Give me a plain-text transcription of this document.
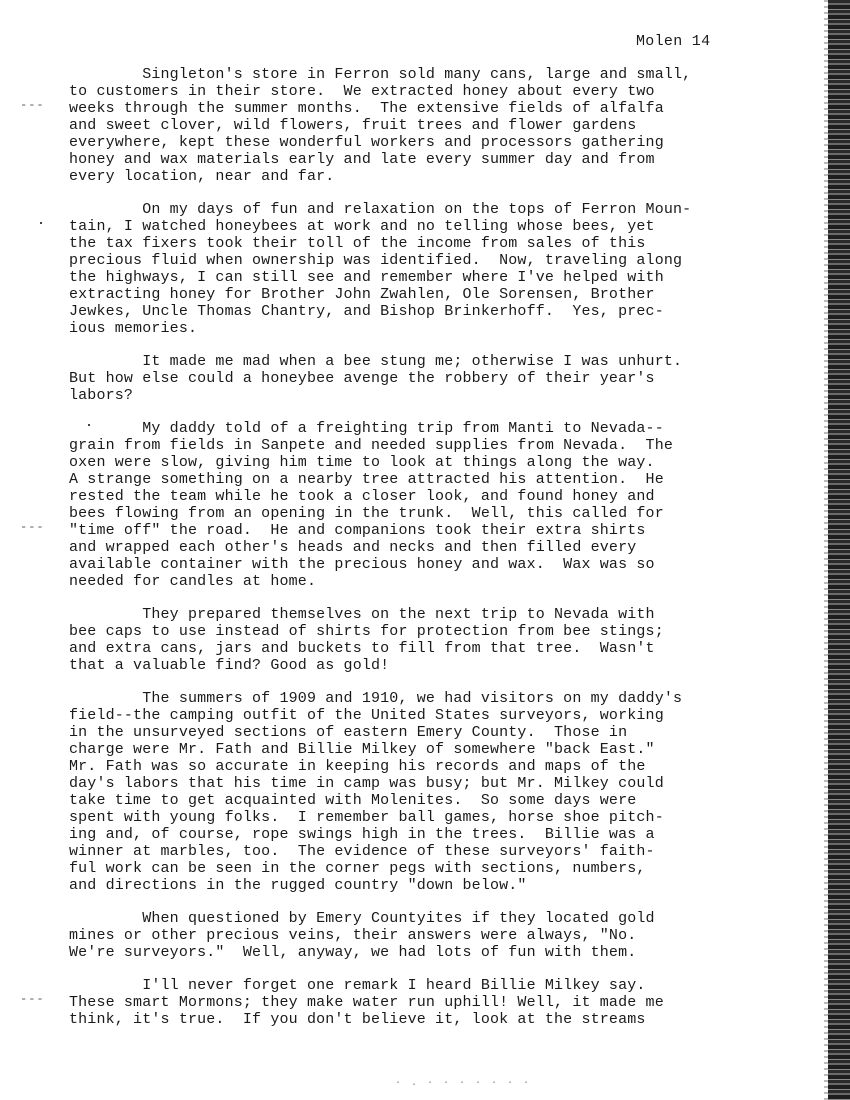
Molen 14
---
---
---
Singleton's store in Ferron sold many cans, large and small,
to customers in their store.  We extracted honey about every two
weeks through the summer months.  The extensive fields of alfalfa
and sweet clover, wild flowers, fruit trees and flower gardens
everywhere, kept these wonderful workers and processors gathering
honey and wax materials early and late every summer day and from
every location, near and far.
On my days of fun and relaxation on the tops of Ferron Moun-
tain, I watched honeybees at work and no telling whose bees, yet
the tax fixers took their toll of the income from sales of this
precious fluid when ownership was identified.  Now, traveling along
the highways, I can still see and remember where I've helped with
extracting honey for Brother John Zwahlen, Ole Sorensen, Brother
Jewkes, Uncle Thomas Chantry, and Bishop Brinkerhoff.  Yes, prec-
ious memories.
It made me mad when a bee stung me; otherwise I was unhurt.
But how else could a honeybee avenge the robbery of their year's
labors?
My daddy told of a freighting trip from Manti to Nevada--
grain from fields in Sanpete and needed supplies from Nevada.  The
oxen were slow, giving him time to look at things along the way.
A strange something on a nearby tree attracted his attention.  He
rested the team while he took a closer look, and found honey and
bees flowing from an opening in the trunk.  Well, this called for
"time off" the road.  He and companions took their extra shirts
and wrapped each other's heads and necks and then filled every
available container with the precious honey and wax.  Wax was so
needed for candles at home.
They prepared themselves on the next trip to Nevada with
bee caps to use instead of shirts for protection from bee stings;
and extra cans, jars and buckets to fill from that tree.  Wasn't
that a valuable find? Good as gold!
The summers of 1909 and 1910, we had visitors on my daddy's
field--the camping outfit of the United States surveyors, working
in the unsurveyed sections of eastern Emery County.  Those in
charge were Mr. Fath and Billie Milkey of somewhere "back East."
Mr. Fath was so accurate in keeping his records and maps of the
day's labors that his time in camp was busy; but Mr. Milkey could
take time to get acquainted with Molenites.  So some days were
spent with young folks.  I remember ball games, horse shoe pitch-
ing and, of course, rope swings high in the trees.  Billie was a
winner at marbles, too.  The evidence of these surveyors' faith-
ful work can be seen in the corner pegs with sections, numbers,
and directions in the rugged country "down below."
When questioned by Emery Countyites if they located gold
mines or other precious veins, their answers were always, "No.
We're surveyors."  Well, anyway, we had lots of fun with them.
I'll never forget one remark I heard Billie Milkey say.
These smart Mormons; they make water run uphill! Well, it made me
think, it's true.  If you don't believe it, look at the streams
· . · · · · · · ·
